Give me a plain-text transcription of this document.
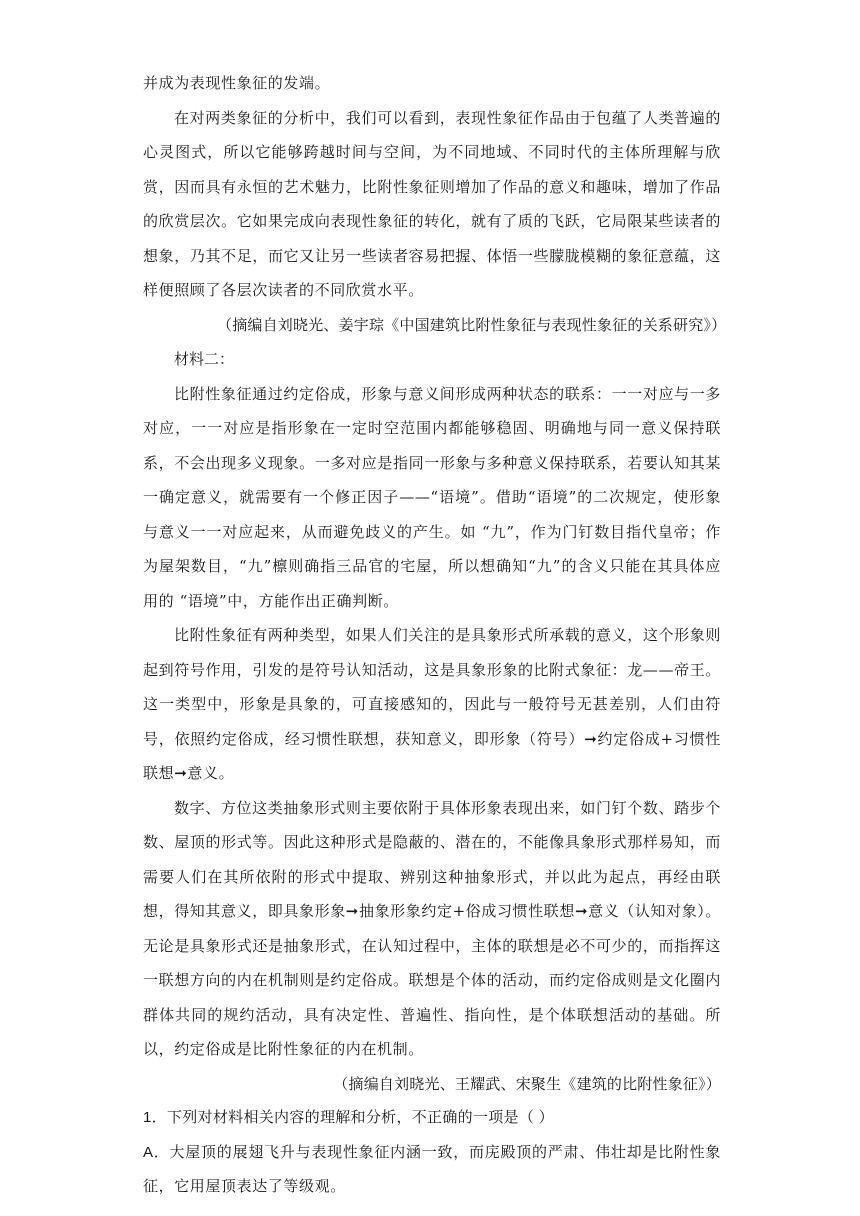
并成为表现性象征的发端。

在对两类象征的分析中，我们可以看到，表现性象征作品由于包蕴了人类普遍的心灵图式，所以它能够跨越时间与空间，为不同地域、不同时代的主体所理解与欣赏，因而具有永恒的艺术魅力，比附性象征则增加了作品的意义和趣味，增加了作品的欣赏层次。它如果完成向表现性象征的转化，就有了质的飞跃，它局限某些读者的想象，乃其不足，而它又让另一些读者容易把握、体悟一些朦胧模糊的象征意蕴，这样便照顾了各层次读者的不同欣赏水平。

（摘编自刘晓光、姜宇琮《中国建筑比附性象征与表现性象征的关系研究》）

材料二：

比附性象征通过约定俗成，形象与意义间形成两种状态的联系：一一对应与一多对应，一一对应是指形象在一定时空范围内都能够稳固、明确地与同一意义保持联系，不会出现多义现象。一多对应是指同一形象与多种意义保持联系，若要认知其某一确定意义，就需要有一个修正因子——“语境”。借助“语境”的二次规定，使形象与意义一一对应起来，从而避免歧义的产生。如 “九”，作为门钉数目指代皇帝；作为屋架数目，“九”檩则确指三品官的宅屋，所以想确知“九”的含义只能在其具体应用的 “语境”中，方能作出正确判断。

比附性象征有两种类型，如果人们关注的是具象形式所承载的意义，这个形象则起到符号作用，引发的是符号认知活动，这是具象形象的比附式象征：龙——帝王。这一类型中，形象是具象的，可直接感知的，因此与一般符号无甚差别，人们由符号，依照约定俗成，经习惯性联想，获知意义，即形象（符号）➞约定俗成+习惯性联想➞意义。

数字、方位这类抽象形式则主要依附于具体形象表现出来，如门钉个数、踏步个数、屋顶的形式等。因此这种形式是隐蔽的、潜在的，不能像具象形式那样易知，而需要人们在其所依附的形式中提取、辨别这种抽象形式，并以此为起点，再经由联想，得知其意义，即具象形象➞抽象形象约定+俗成习惯性联想➞意义（认知对象）。无论是具象形式还是抽象形式，在认知过程中，主体的联想是必不可少的，而指挥这一联想方向的内在机制则是约定俗成。联想是个体的活动，而约定俗成则是文化圈内群体共同的规约活动，具有决定性、普遍性、指向性，是个体联想活动的基础。所以，约定俗成是比附性象征的内在机制。

（摘编自刘晓光、王耀武、宋聚生《建筑的比附性象征》）

1．下列对材料相关内容的理解和分析，不正确的一项是（ ）

A．大屋顶的展翅飞升与表现性象征内涵一致，而庑殿顶的严肃、伟壮却是比附性象征，它用屋顶表达了等级观。
